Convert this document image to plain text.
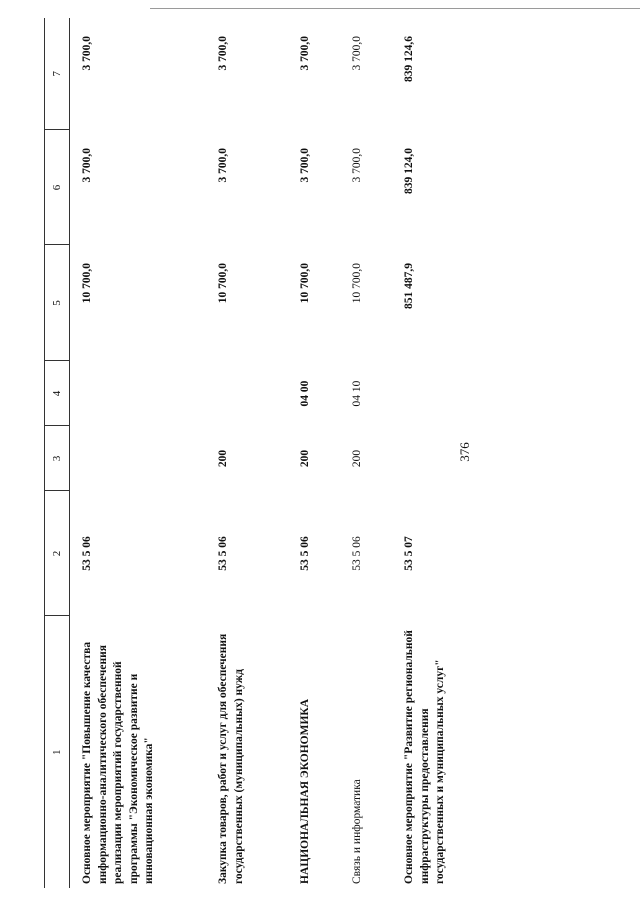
376
1	2	3	4	5	6	7
Основное мероприятие "Повышение качества информационно-аналитического обеспечения реализации мероприятий государственной программы "Экономическое развитие и инновационная экономика"	53 5 06			10 700,0	3 700,0	3 700,0
Закупка товаров, работ и услуг для обеспечения государственных (муниципальных) нужд	53 5 06	200		10 700,0	3 700,0	3 700,0
НАЦИОНАЛЬНАЯ ЭКОНОМИКА	53 5 06	200	04 00	10 700,0	3 700,0	3 700,0
Связь и информатика	53 5 06	200	04 10	10 700,0	3 700,0	3 700,0
Основное мероприятие "Развитие региональной инфраструктуры предоставления государственных и муниципальных услуг"	53 5 07			851 487,9	839 124,0	839 124,6
